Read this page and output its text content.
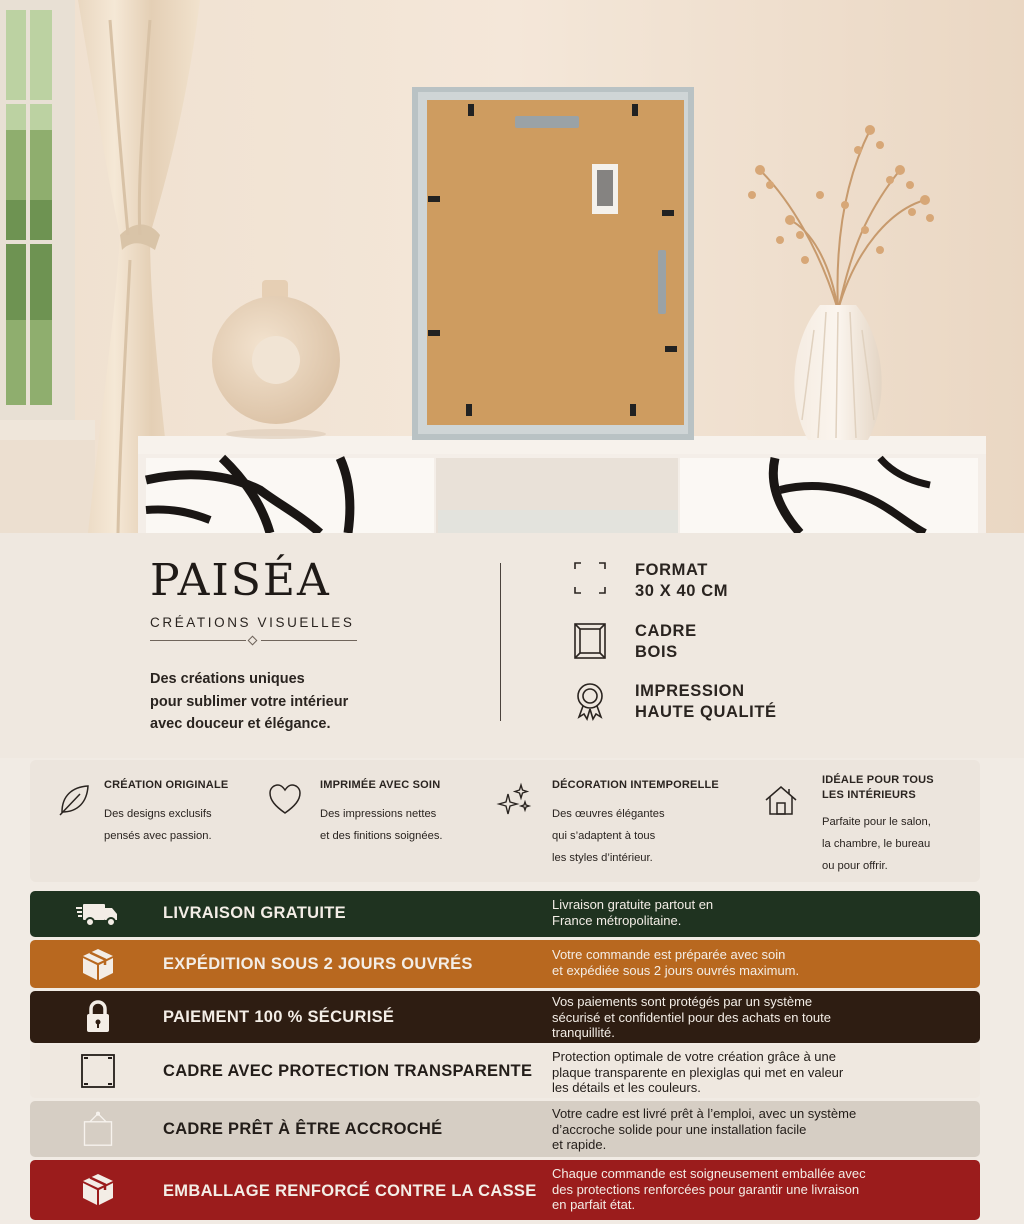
PAISÉA
CRÉATIONS VISUELLES
Des créations uniques
pour sublimer votre intérieur
avec douceur et élégance.
FORMAT
30 X 40 CM
CADRE
BOIS
IMPRESSION
HAUTE QUALITÉ
CRÉATION ORIGINALE
Des designs exclusifs
pensés avec passion.
IMPRIMÉE AVEC SOIN
Des impressions nettes
et des finitions soignées.
DÉCORATION INTEMPORELLE
Des œuvres élégantes
qui s’adaptent à tous
les styles d’intérieur.
IDÉALE POUR TOUS
LES INTÉRIEURS
Parfaite pour le salon,
la chambre, le bureau
ou pour offrir.
LIVRAISON GRATUITE	Livraison gratuite partout en
France métropolitaine.
EXPÉDITION SOUS 2 JOURS OUVRÉS
Votre commande est préparée avec soin
et expédiée sous 2 jours ouvrés maximum.
PAIEMENT 100 % SÉCURISÉ
Vos paiements sont protégés par un système
sécurisé et confidentiel pour des achats en toute
tranquillité.
CADRE AVEC PROTECTION TRANSPARENTE
Protection optimale de votre création grâce à une
plaque transparente en plexiglas qui met en valeur
les détails et les couleurs.
CADRE PRÊT À ÊTRE ACCROCHÉ
Votre cadre est livré prêt à l’emploi, avec un système
d’accroche solide pour une installation facile
et rapide.
EMBALLAGE RENFORCÉ CONTRE LA CASSE
Chaque commande est soigneusement emballée avec
des protections renforcées pour garantir une livraison
en parfait état.
